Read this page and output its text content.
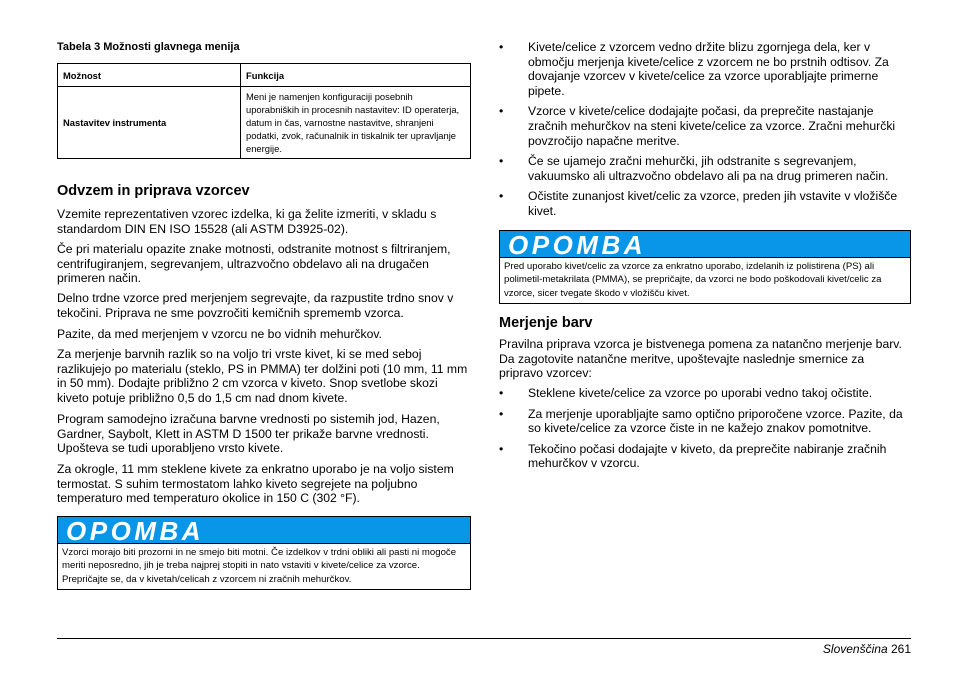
Tabela 3 Možnosti glavnega menija
Možnost	Funkcija
Nastavitev instrumenta	Meni je namenjen konfiguraciji posebnih uporabniških in procesnih nastavitev: ID operaterja, datum in čas, varnostne nastavitve, shranjeni podatki, zvok, računalnik in tiskalnik ter upravljanje energije.
Odvzem in priprava vzorcev

Vzemite reprezentativen vzorec izdelka, ki ga želite izmeriti, v skladu s standardom DIN EN ISO 15528 (ali ASTM D3925-02).

Če pri materialu opazite znake motnosti, odstranite motnost s filtriranjem, centrifugiranjem, segrevanjem, ultrazvočno obdelavo ali na drugačen primeren način.

Delno trdne vzorce pred merjenjem segrevajte, da razpustite trdno snov v tekočini. Priprava ne sme povzročiti kemičnih sprememb vzorca.

Pazite, da med merjenjem v vzorcu ne bo vidnih mehurčkov.

Za merjenje barvnih razlik so na voljo tri vrste kivet, ki se med seboj razlikujejo po materialu (steklo, PS in PMMA) ter dolžini poti (10 mm, 11 mm in 50 mm). Dodajte približno 2 cm vzorca v kiveto. Snop svetlobe skozi kiveto potuje približno 0,5 do 1,5 cm nad dnom kivete.

Program samodejno izračuna barvne vrednosti po sistemih jod, Hazen, Gardner, Saybolt, Klett in ASTM D 1500 ter prikaže barvne vrednosti. Upošteva se tudi uporabljeno vrsto kivete.

Za okrogle, 11 mm steklene kivete za enkratno uporabo je na voljo sistem termostat. S suhim termostatom lahko kiveto segrejete na poljubno temperaturo med temperaturo okolice in 150 C (302 °F).

OPOMBA
Vzorci morajo biti prozorni in ne smejo biti motni. Če izdelkov v trdni obliki ali pasti ni mogoče meriti neposredno, jih je treba najprej stopiti in nato vstaviti v kivete/celice za vzorce. Prepričajte se, da v kivetah/celicah z vzorcem ni zračnih mehurčkov.
• Kivete/celice z vzorcem vedno držite blizu zgornjega dela, ker v območju merjenja kivete/celice z vzorcem ne bo prstnih odtisov. Za dovajanje vzorcev v kivete/celice za vzorce uporabljajte primerne pipete.
• Vzorce v kivete/celice dodajajte počasi, da preprečite nastajanje zračnih mehurčkov na steni kivete/celice za vzorce. Zračni mehurčki povzročijo napačne meritve.
• Če se ujamejo zračni mehurčki, jih odstranite s segrevanjem, vakuumsko ali ultrazvočno obdelavo ali pa na drug primeren način.
• Očistite zunanjost kivet/celic za vzorce, preden jih vstavite v vložišče kivet.
OPOMBA
Pred uporabo kivet/celic za vzorce za enkratno uporabo, izdelanih iz polistirena (PS) ali polimetil-metakrilata (PMMA), se prepričajte, da vzorci ne bodo poškodovali kivet/celic za vzorce, sicer tvegate škodo v vložišču kivet.
Merjenje barv

Pravilna priprava vzorca je bistvenega pomena za natančno merjenje barv. Da zagotovite natančne meritve, upoštevajte naslednje smernice za pripravo vzorcev:

• Steklene kivete/celice za vzorce po uporabi vedno takoj očistite.
• Za merjenje uporabljajte samo optično priporočene vzorce. Pazite, da so kivete/celice za vzorce čiste in ne kažejo znakov pomotnitve.
• Tekočino počasi dodajajte v kiveto, da preprečite nabiranje zračnih mehurčkov v vzorcu.
Slovenščina 261
